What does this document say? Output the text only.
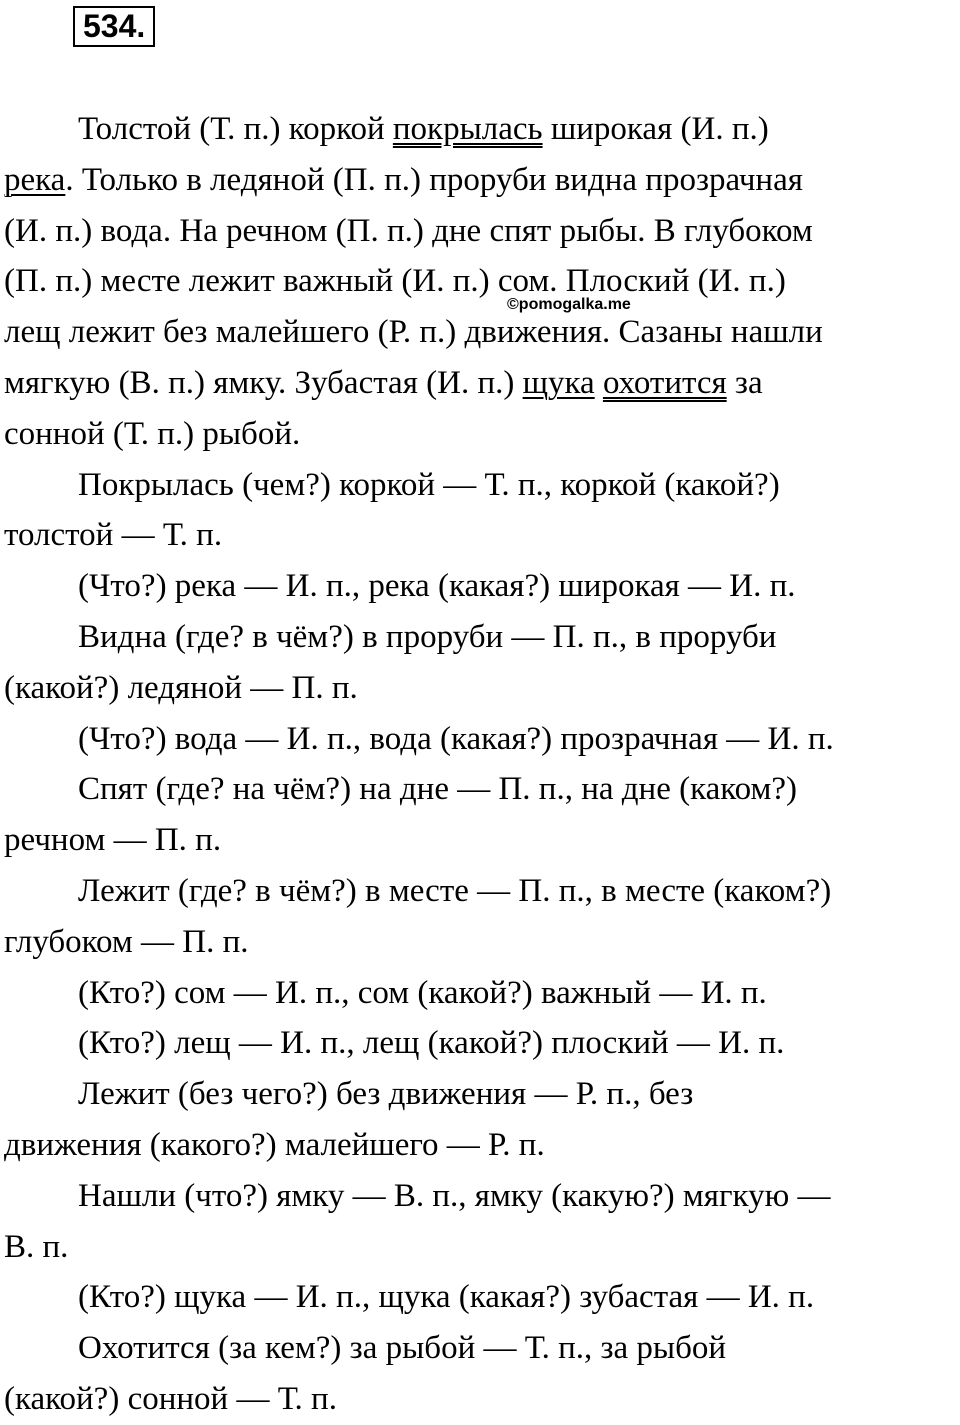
534.
Толстой (Т. п.) коркой покрылась широкая (И. п.)
река. Только в ледяной (П. п.) проруби видна прозрачная
(И. п.) вода. На речном (П. п.) дне спят рыбы. В глубоком
(П. п.) месте лежит важный (И. п.) сом. Плоский (И. п.)
лещ лежит без малейшего (Р. п.) движения. Сазаны нашли
мягкую (В. п.) ямку. Зубастая (И. п.) щука охотится за
сонной (Т. п.) рыбой.
Покрылась (чем?) коркой — Т. п., коркой (какой?)
толстой — Т. п.
(Что?) река — И. п., река (какая?) широкая — И. п.
Видна (где? в чём?) в проруби — П. п., в проруби
(какой?) ледяной — П. п.
(Что?) вода — И. п., вода (какая?) прозрачная — И. п.
Спят (где? на чём?) на дне — П. п., на дне (каком?)
речном — П. п.
Лежит (где? в чём?) в месте — П. п., в месте (каком?)
глубоком — П. п.
(Кто?) сом — И. п., сом (какой?) важный — И. п.
(Кто?) лещ — И. п., лещ (какой?) плоский — И. п.
Лежит (без чего?) без движения — Р. п., без
движения (какого?) малейшего — Р. п.
Нашли (что?) ямку — В. п., ямку (какую?) мягкую —
В. п.
(Кто?) щука — И. п., щука (какая?) зубастая — И. п.
Охотится (за кем?) за рыбой — Т. п., за рыбой
(какой?) сонной — Т. п.
©pomogalka.me
